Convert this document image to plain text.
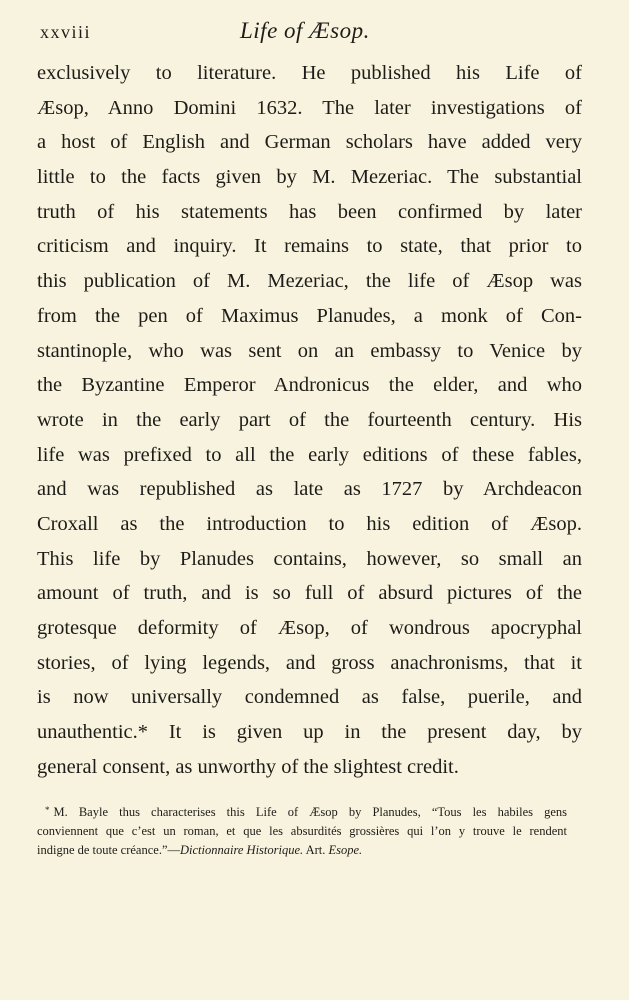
xxviii	Life of Æsop.
exclusively to literature. He published his Life of
Æsop, Anno Domini 1632. The later investigations of
a host of English and German scholars have added very
little to the facts given by M. Mezeriac. The substantial
truth of his statements has been confirmed by later
criticism and inquiry. It remains to state, that prior to
this publication of M. Mezeriac, the life of Æsop was
from the pen of Maximus Planudes, a monk of Con-
stantinople, who was sent on an embassy to Venice by
the Byzantine Emperor Andronicus the elder, and who
wrote in the early part of the fourteenth century. His
life was prefixed to all the early editions of these fables,
and was republished as late as 1727 by Archdeacon
Croxall as the introduction to his edition of Æsop.
This life by Planudes contains, however, so small an
amount of truth, and is so full of absurd pictures of the
grotesque deformity of Æsop, of wondrous apocryphal
stories, of lying legends, and gross anachronisms, that it
is now universally condemned as false, puerile, and
unauthentic.* It is given up in the present day, by
general consent, as unworthy of the slightest credit.
* M. Bayle thus characterises this Life of Æsop by Planudes, “Tous les habiles gens
conviennent que c’est un roman, et que les absurdités grossières qui l’on y trouve le rendent
indigne de toute créance.”—Dictionnaire Historique. Art. Esope.
